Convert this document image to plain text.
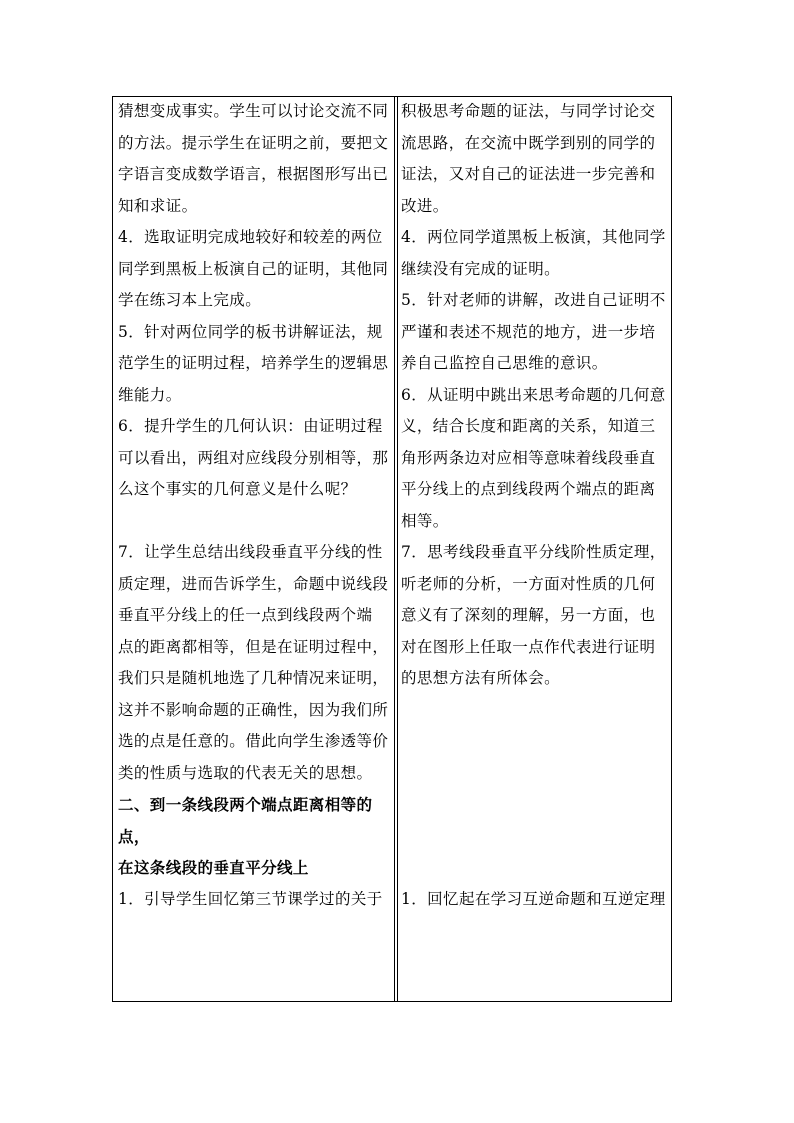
猜想变成事实。学生可以讨论交流不同
的方法。提示学生在证明之前，要把文
字语言变成数学语言，根据图形写出已
知和求证。

4．选取证明完成地较好和较差的两位
同学到黑板上板演自己的证明，其他同
学在练习本上完成。
5．针对两位同学的板书讲解证法，规
范学生的证明过程，培养学生的逻辑思
维能力。

6．提升学生的几何认识：由证明过程
可以看出，两组对应线段分别相等，那
么这个事实的几何意义是什么呢？

7．让学生总结出线段垂直平分线的性
质定理，进而告诉学生，命题中说线段
垂直平分线上的任一点到线段两个端
点的距离都相等，但是在证明过程中，
我们只是随机地选了几种情况来证明，
这并不影响命题的正确性，因为我们所
选的点是任意的。借此向学生渗透等价
类的性质与选取的代表无关的思想。

二、到一条线段两个端点距离相等的点，
在这条线段的垂直平分线上
1．引导学生回忆第三节课学过的关于
积极思考命题的证法，与同学讨论交
流思路，在交流中既学到别的同学的
证法，又对自己的证法进一步完善和
改进。

4．两位同学道黑板上板演，其他同学
继续没有完成的证明。

5．针对老师的讲解，改进自己证明不
严谨和表述不规范的地方，进一步培
养自己监控自己思维的意识。

6．从证明中跳出来思考命题的几何意
义，结合长度和距离的关系，知道三
角形两条边对应相等意味着线段垂直
平分线上的点到线段两个端点的距离
相等。
7．思考线段垂直平分线阶性质定理，
听老师的分析，一方面对性质的几何
意义有了深刻的理解，另一方面，也
对在图形上任取一点作代表进行证明
的思想方法有所体会。

1．回忆起在学习互逆命题和互逆定理
